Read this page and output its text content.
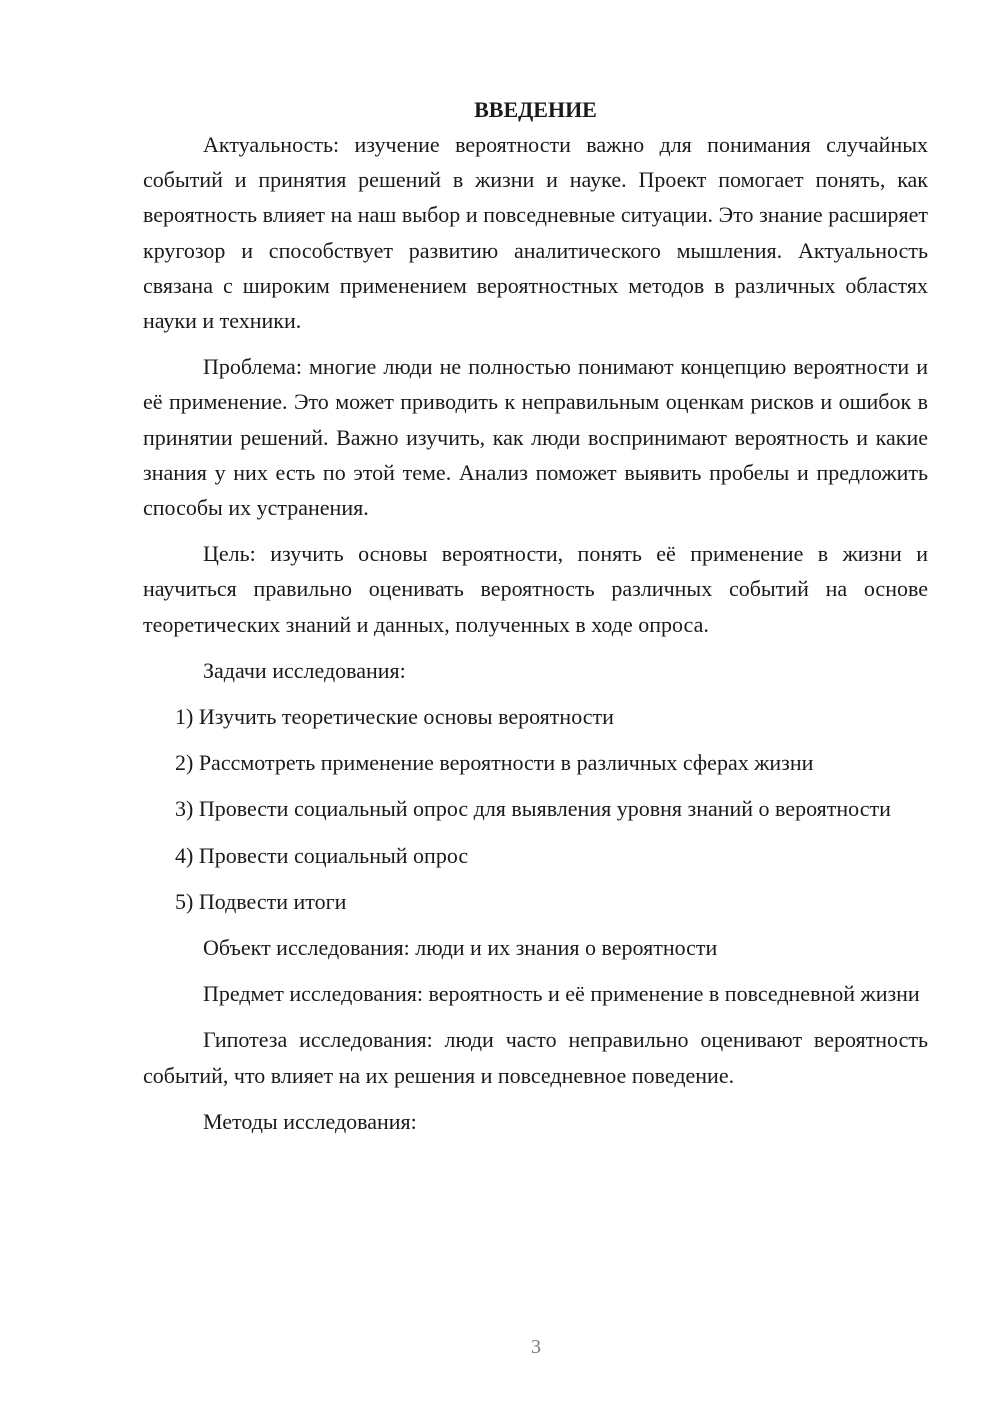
ВВЕДЕНИЕ

Актуальность: изучение вероятности важно для понимания случайных событий и принятия решений в жизни и науке. Проект помогает понять, как вероятность влияет на наш выбор и повседневные ситуации. Это знание расширяет кругозор и способствует развитию аналитического мышления. Актуальность связана с широким применением вероятностных методов в различных областях науки и техники.

Проблема: многие люди не полностью понимают концепцию вероятности и её применение. Это может приводить к неправильным оценкам рисков и ошибок в принятии решений. Важно изучить, как люди воспринимают вероятность и какие знания у них есть по этой теме. Анализ поможет выявить пробелы и предложить способы их устранения.

Цель: изучить основы вероятности, понять её применение в жизни и научиться правильно оценивать вероятность различных событий на основе теоретических знаний и данных, полученных в ходе опроса.

Задачи исследования:

1) Изучить теоретические основы вероятности

2) Рассмотреть применение вероятности в различных сферах жизни

3) Провести социальный опрос для выявления уровня знаний о вероятности

4) Провести социальный опрос

5) Подвести итоги

Объект исследования: люди и их знания о вероятности

Предмет исследования: вероятность и её применение в повседневной жизни

Гипотеза исследования: люди часто неправильно оценивают вероятность событий, что влияет на их решения и повседневное поведение.

Методы исследования:

3
